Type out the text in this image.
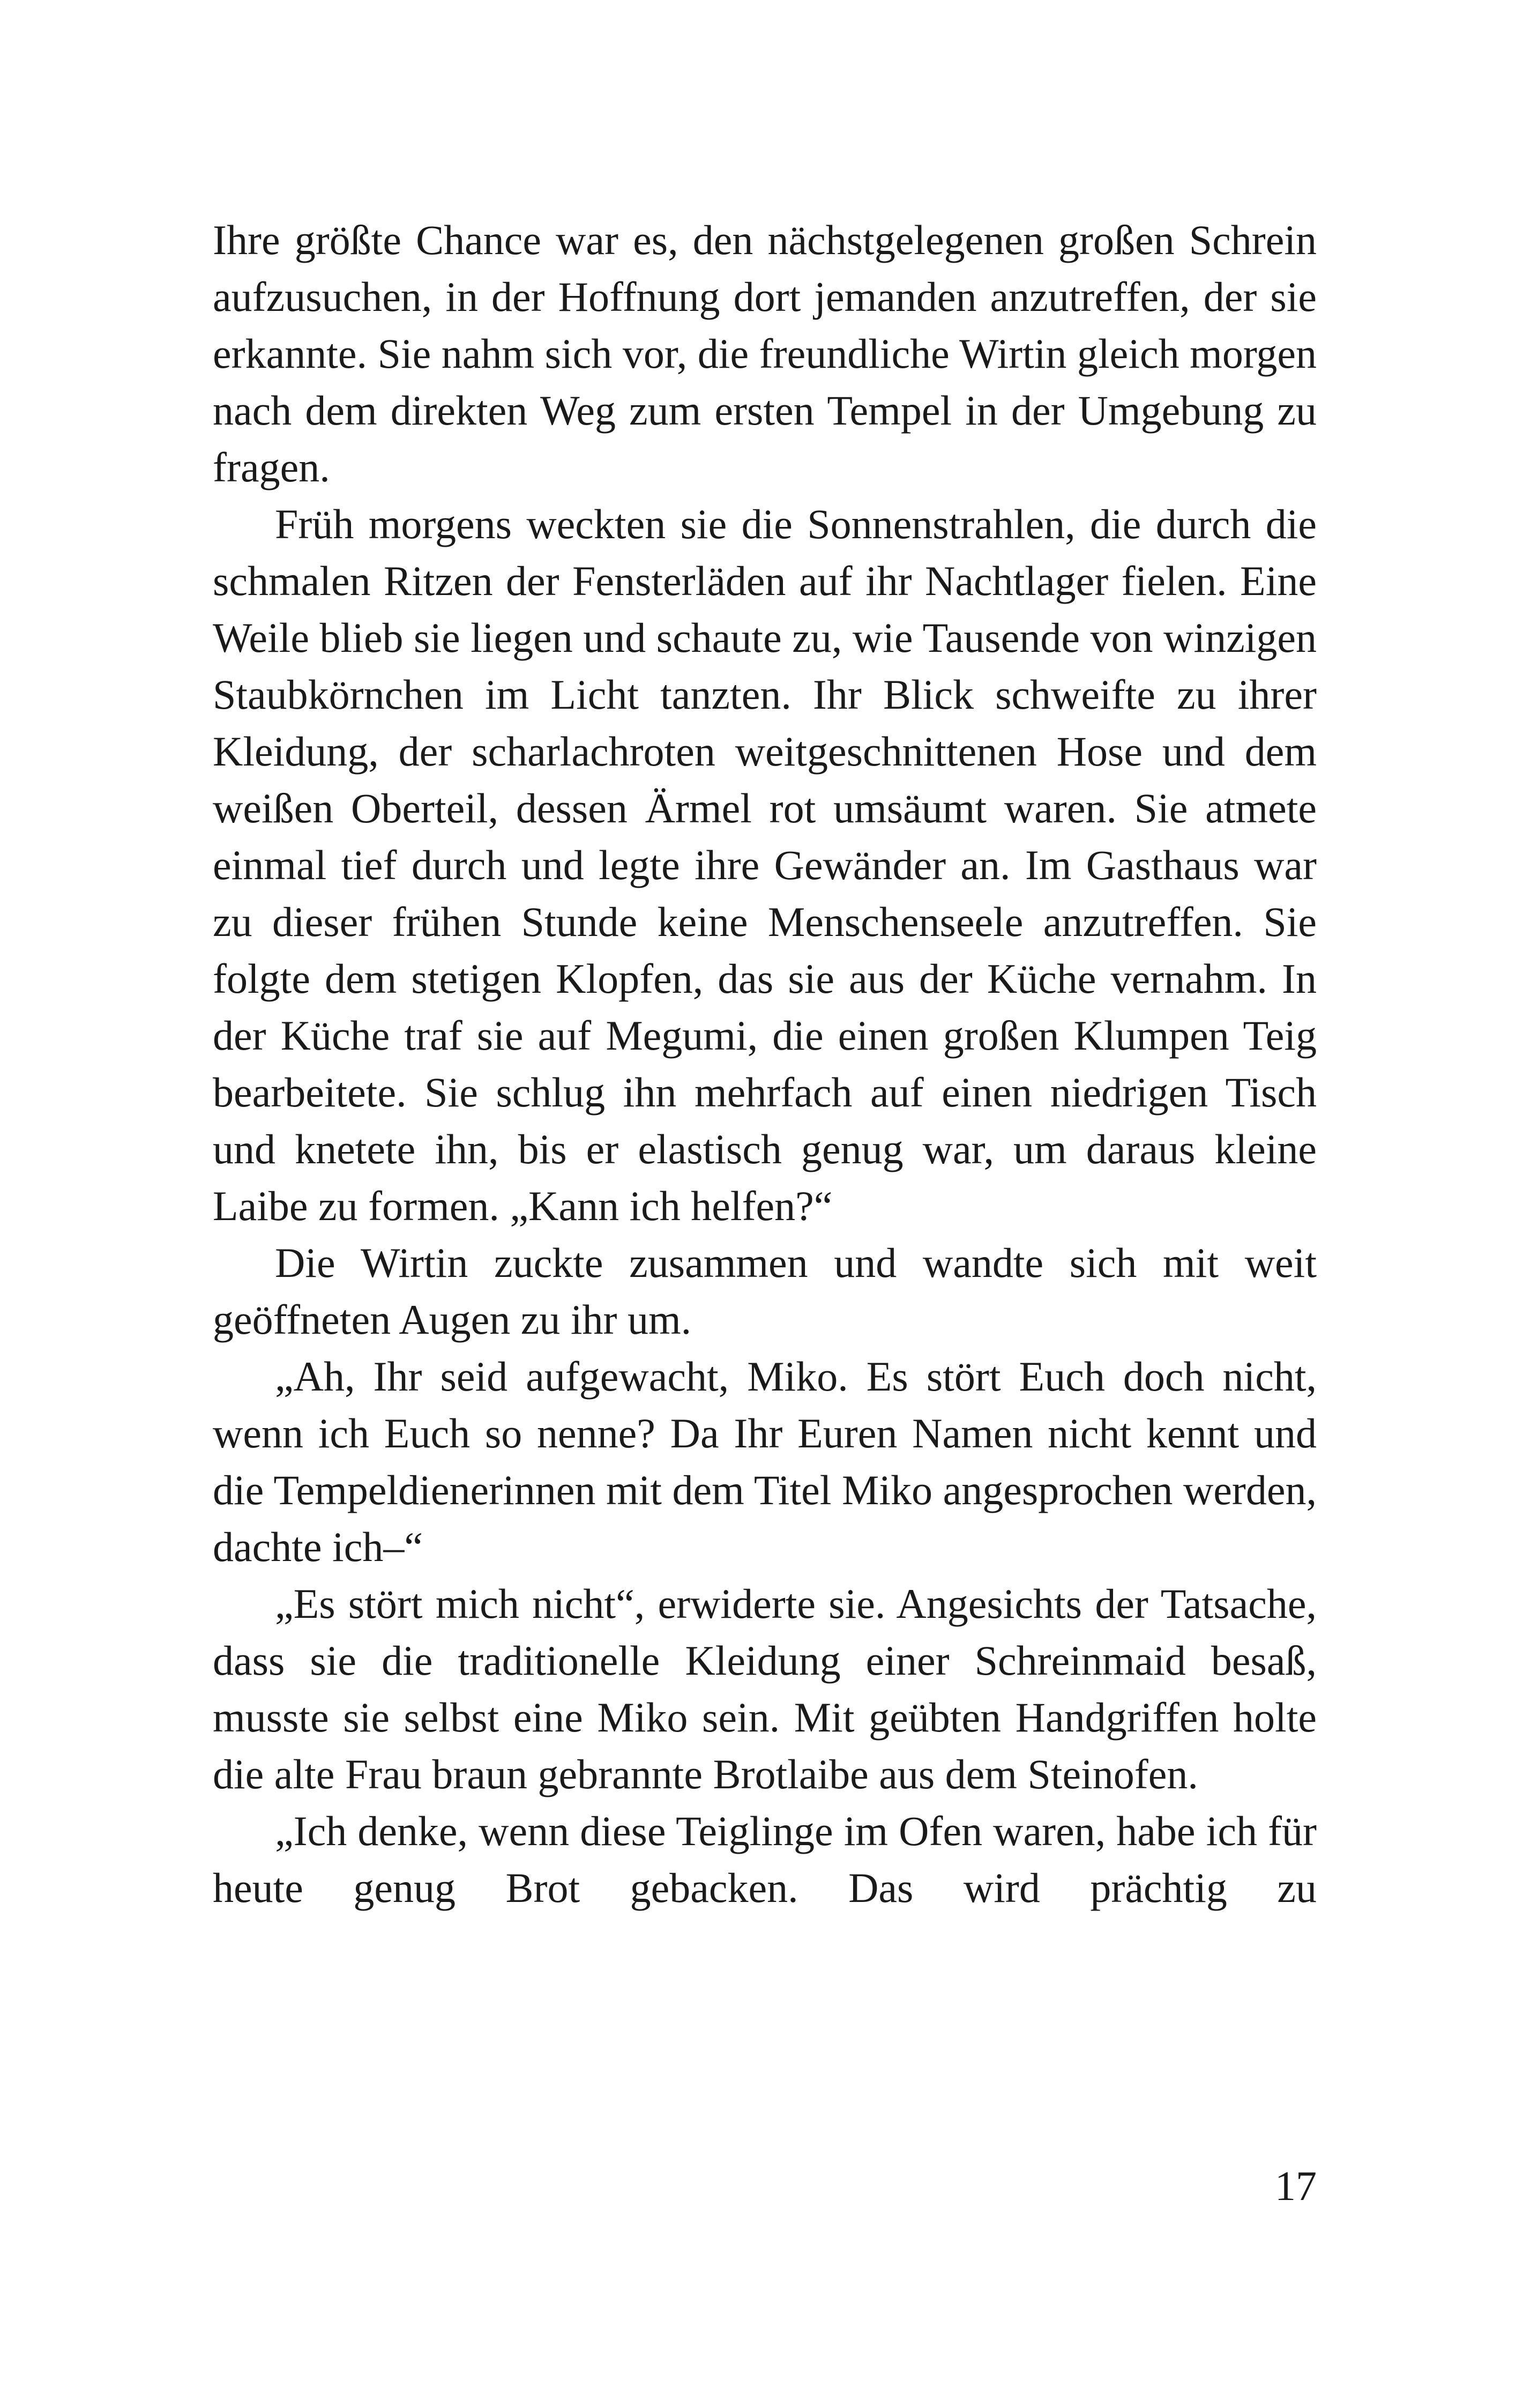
Ihre größte Chance war es, den nächstgelegenen großen Schrein aufzusuchen, in der Hoffnung dort jemanden anzutreffen, der sie erkannte. Sie nahm sich vor, die freundliche Wirtin gleich morgen nach dem direkten Weg zum ersten Tempel in der Umgebung zu fragen.

Früh morgens weckten sie die Sonnenstrahlen, die durch die schmalen Ritzen der Fensterläden auf ihr Nachtlager fielen. Eine Weile blieb sie liegen und schaute zu, wie Tausende von winzigen Staubkörnchen im Licht tanzten. Ihr Blick schweifte zu ihrer Kleidung, der scharlachroten weitgeschnittenen Hose und dem weißen Oberteil, dessen Ärmel rot umsäumt waren. Sie atmete einmal tief durch und legte ihre Gewänder an. Im Gasthaus war zu dieser frühen Stunde keine Menschenseele anzutreffen. Sie folgte dem stetigen Klopfen, das sie aus der Küche vernahm. In der Küche traf sie auf Megumi, die einen großen Klumpen Teig bearbeitete. Sie schlug ihn mehrfach auf einen niedrigen Tisch und knetete ihn, bis er elastisch genug war, um daraus kleine Laibe zu formen. „Kann ich helfen?“

Die Wirtin zuckte zusammen und wandte sich mit weit geöffneten Augen zu ihr um.

„Ah, Ihr seid aufgewacht, Miko. Es stört Euch doch nicht, wenn ich Euch so nenne? Da Ihr Euren Namen nicht kennt und die Tempeldienerinnen mit dem Titel Miko angesprochen werden, dachte ich–“

„Es stört mich nicht“, erwiderte sie. Angesichts der Tatsache, dass sie die traditionelle Kleidung einer Schreinmaid besaß, musste sie selbst eine Miko sein. Mit geübten Handgriffen holte die alte Frau braun gebrannte Brotlaibe aus dem Steinofen.

„Ich denke, wenn diese Teiglinge im Ofen waren, habe ich für heute genug Brot gebacken. Das wird prächtig zu

17
